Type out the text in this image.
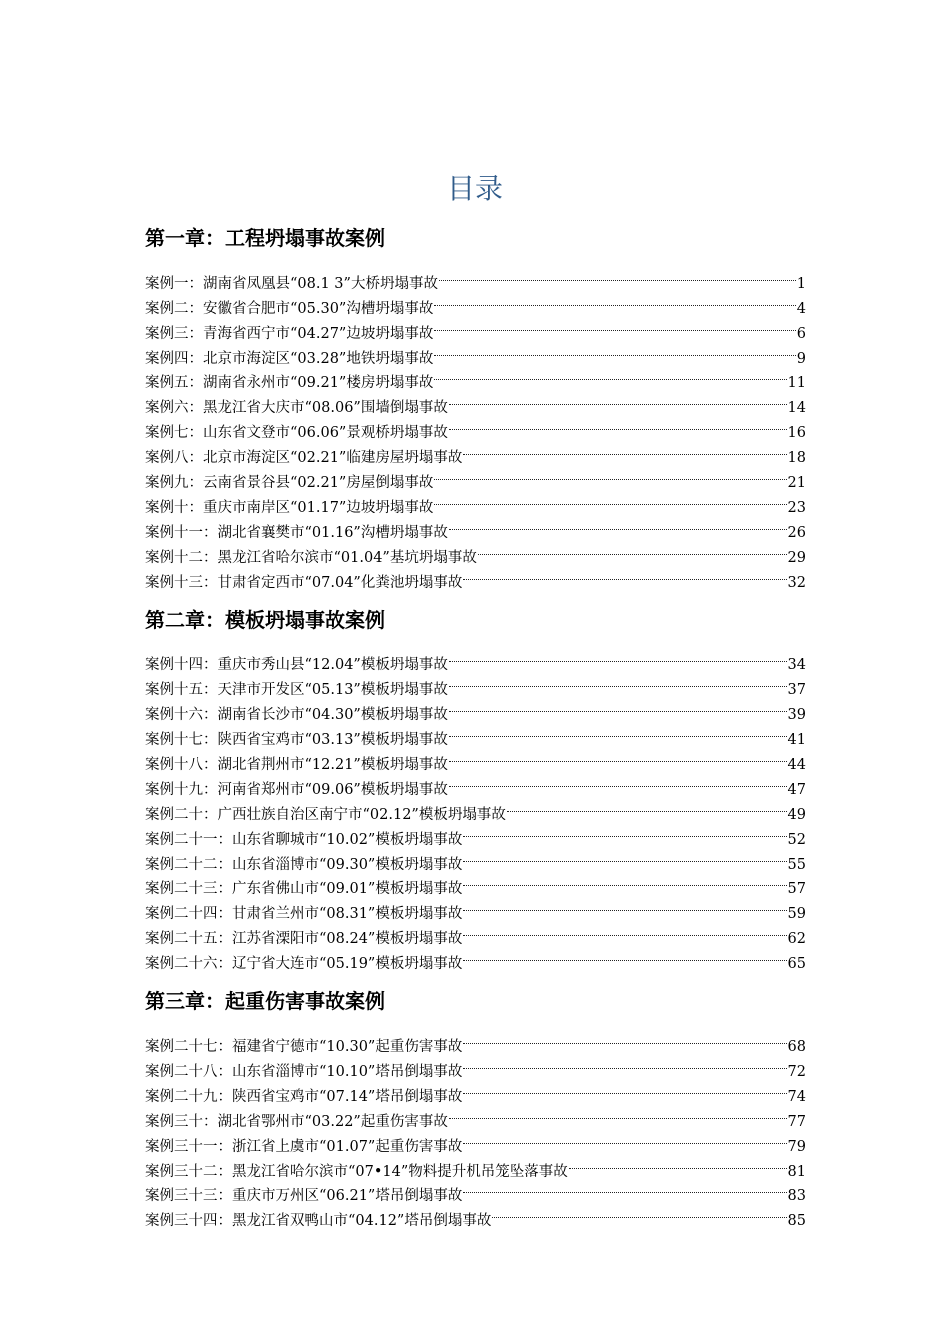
目录
第一章：工程坍塌事故案例
案例一：湖南省凤凰县“08.1 3”大桥坍塌事故	1
案例二：安徽省合肥市“05.30”沟槽坍塌事故	4
案例三：青海省西宁市“04.27”边坡坍塌事故	6
案例四：北京市海淀区“03.28”地铁坍塌事故	9
案例五：湖南省永州市“09.21”楼房坍塌事故	11
案例六：黑龙江省大庆市“08.06”围墙倒塌事故	14
案例七：山东省文登市“06.06”景观桥坍塌事故	16
案例八：北京市海淀区“02.21”临建房屋坍塌事故	18
案例九：云南省景谷县“02.21”房屋倒塌事故	21
案例十：重庆市南岸区“01.17”边坡坍塌事故	23
案例十一：湖北省襄樊市“01.16”沟槽坍塌事故	26
案例十二：黑龙江省哈尔滨市“01.04”基坑坍塌事故	29
案例十三：甘肃省定西市“07.04”化粪池坍塌事故	32
第二章：模板坍塌事故案例
案例十四：重庆市秀山县“12.04”模板坍塌事故	34
案例十五：天津市开发区“05.13”模板坍塌事故	37
案例十六：湖南省长沙市“04.30”模板坍塌事故	39
案例十七：陕西省宝鸡市“03.13”模板坍塌事故	41
案例十八：湖北省荆州市“12.21”模板坍塌事故	44
案例十九：河南省郑州市“09.06”模板坍塌事故	47
案例二十：广西壮族自治区南宁市“02.12”模板坍塌事故	49
案例二十一：山东省聊城市“10.02”模板坍塌事故	52
案例二十二：山东省淄博市“09.30”模板坍塌事故	55
案例二十三：广东省佛山市“09.01”模板坍塌事故	57
案例二十四：甘肃省兰州市“08.31”模板坍塌事故	59
案例二十五：江苏省溧阳市“08.24”模板坍塌事故	62
案例二十六：辽宁省大连市“05.19”模板坍塌事故	65
第三章：起重伤害事故案例
案例二十七：福建省宁德市“10.30”起重伤害事故	68
案例二十八：山东省淄博市“10.10”塔吊倒塌事故	72
案例二十九：陕西省宝鸡市“07.14”塔吊倒塌事故	74
案例三十：湖北省鄂州市“03.22”起重伤害事故	77
案例三十一：浙江省上虞市“01.07”起重伤害事故	79
案例三十二：黑龙江省哈尔滨市“07•14”物料提升机吊笼坠落事故	81
案例三十三：重庆市万州区“06.21”塔吊倒塌事故	83
案例三十四：黑龙江省双鸭山市“04.12”塔吊倒塌事故	85
